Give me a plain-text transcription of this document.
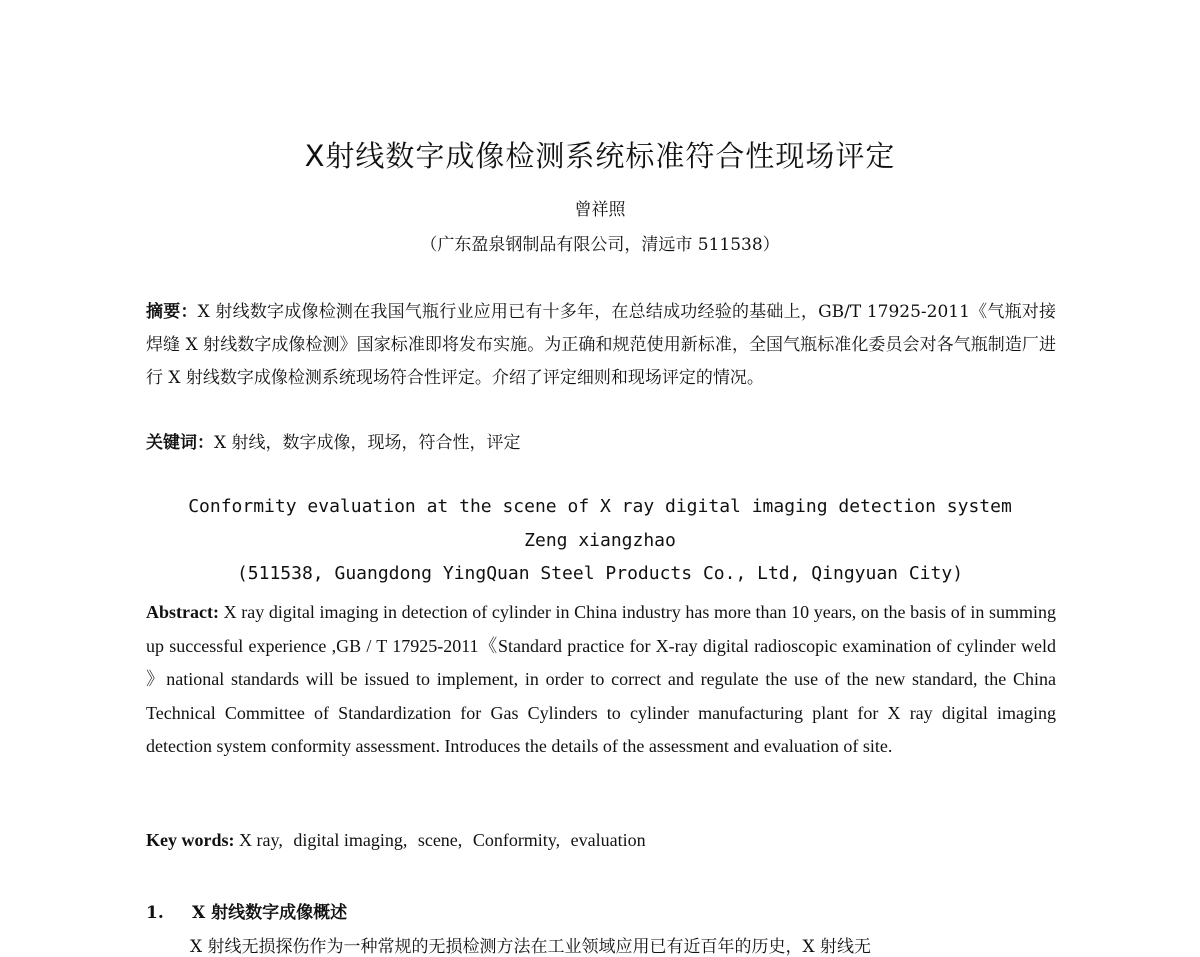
X射线数字成像检测系统标准符合性现场评定
曾祥照
（广东盈泉钢制品有限公司，清远市 511538）
摘要：X 射线数字成像检测在我国气瓶行业应用已有十多年，在总结成功经验的基础上，GB/T 17925-2011《气瓶对接焊缝 X 射线数字成像检测》国家标准即将发布实施。为正确和规范使用新标准，全国气瓶标准化委员会对各气瓶制造厂进行 X 射线数字成像检测系统现场符合性评定。介绍了评定细则和现场评定的情况。
关键词：X 射线，数字成像，现场，符合性，评定
Conformity evaluation at the scene of X ray digital imaging detection system
Zeng xiangzhao
(511538, Guangdong YingQuan Steel Products Co., Ltd, Qingyuan City)
Abstract: X ray digital imaging in detection of cylinder in China industry has more than 10 years, on the basis of in summing up successful experience ,GB / T 17925-2011《Standard practice for X-ray digital radioscopic examination of cylinder weld 》national standards will be issued to implement, in order to correct and regulate the use of the new standard, the China Technical Committee of Standardization for Gas Cylinders to cylinder manufacturing plant for X ray digital imaging detection system conformity assessment. Introduces the details of the assessment and evaluation of site.
Key words: X ray, digital imaging, scene, Conformity, evaluation
1. X 射线数字成像概述
X 射线无损探伤作为一种常规的无损检测方法在工业领域应用已有近百年的历史，X 射线无
